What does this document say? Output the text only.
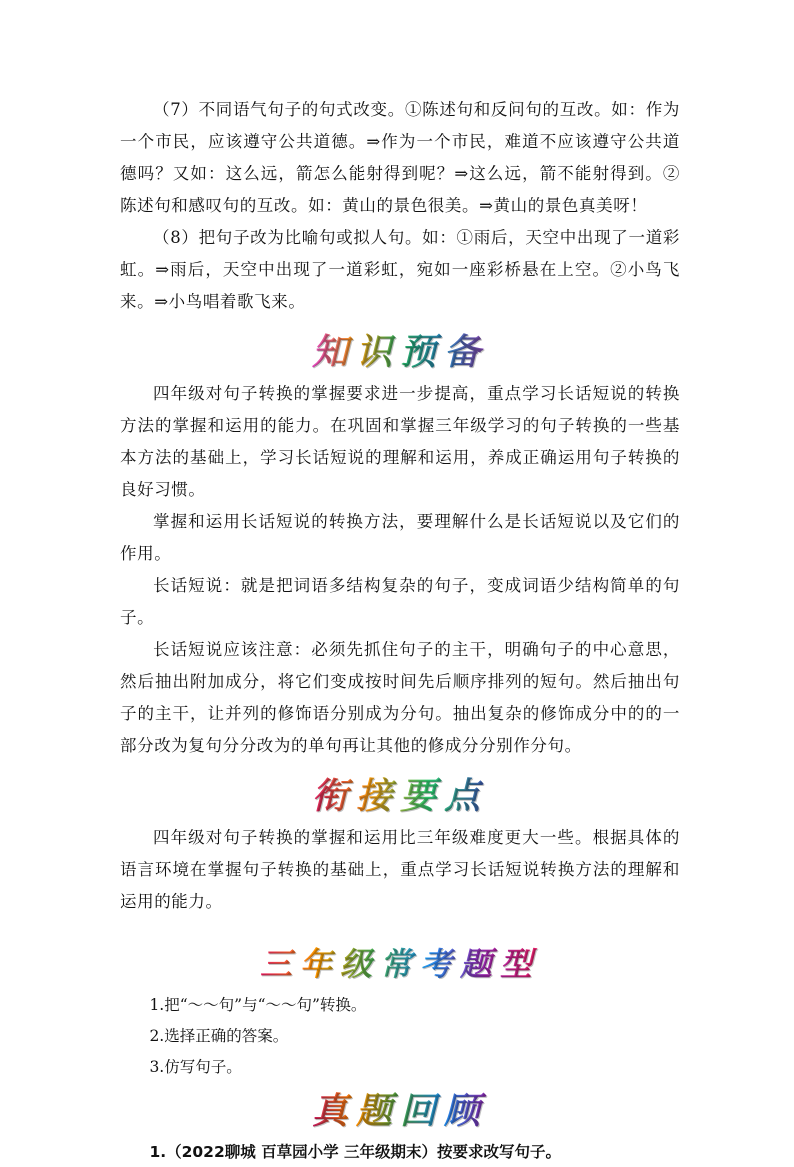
（7）不同语气句子的句式改变。①陈述句和反问句的互改。如：作为一个市民，应该遵守公共道德。⇒作为一个市民，难道不应该遵守公共道德吗？又如：这么远，箭怎么能射得到呢？⇒这么远，箭不能射得到。②陈述句和感叹句的互改。如：黄山的景色很美。⇒黄山的景色真美呀！

（8）把句子改为比喻句或拟人句。如：①雨后，天空中出现了一道彩虹。⇒雨后，天空中出现了一道彩虹，宛如一座彩桥悬在上空。②小鸟飞来。⇒小鸟唱着歌飞来。

知识预备

四年级对句子转换的掌握要求进一步提高，重点学习长话短说的转换方法的掌握和运用的能力。在巩固和掌握三年级学习的句子转换的一些基本方法的基础上，学习长话短说的理解和运用，养成正确运用句子转换的良好习惯。

掌握和运用长话短说的转换方法，要理解什么是长话短说以及它们的作用。

长话短说：就是把词语多结构复杂的句子，变成词语少结构简单的句子。

长话短说应该注意：必须先抓住句子的主干，明确句子的中心意思，然后抽出附加成分，将它们变成按时间先后顺序排列的短句。然后抽出句子的主干，让并列的修饰语分别成为分句。抽出复杂的修饰成分中的的一部分改为复句分分改为的单句再让其他的修成分分别作分句。

衔接要点

四年级对句子转换的掌握和运用比三年级难度更大一些。根据具体的语言环境在掌握句子转换的基础上，重点学习长话短说转换方法的理解和运用的能力。

三年级常考题型

1.把“～～句”与“～～句”转换。

2.选择正确的答案。

3.仿写句子。

真题回顾

1.（2022聊城 百草园小学 三年级期末）按要求改写句子。
